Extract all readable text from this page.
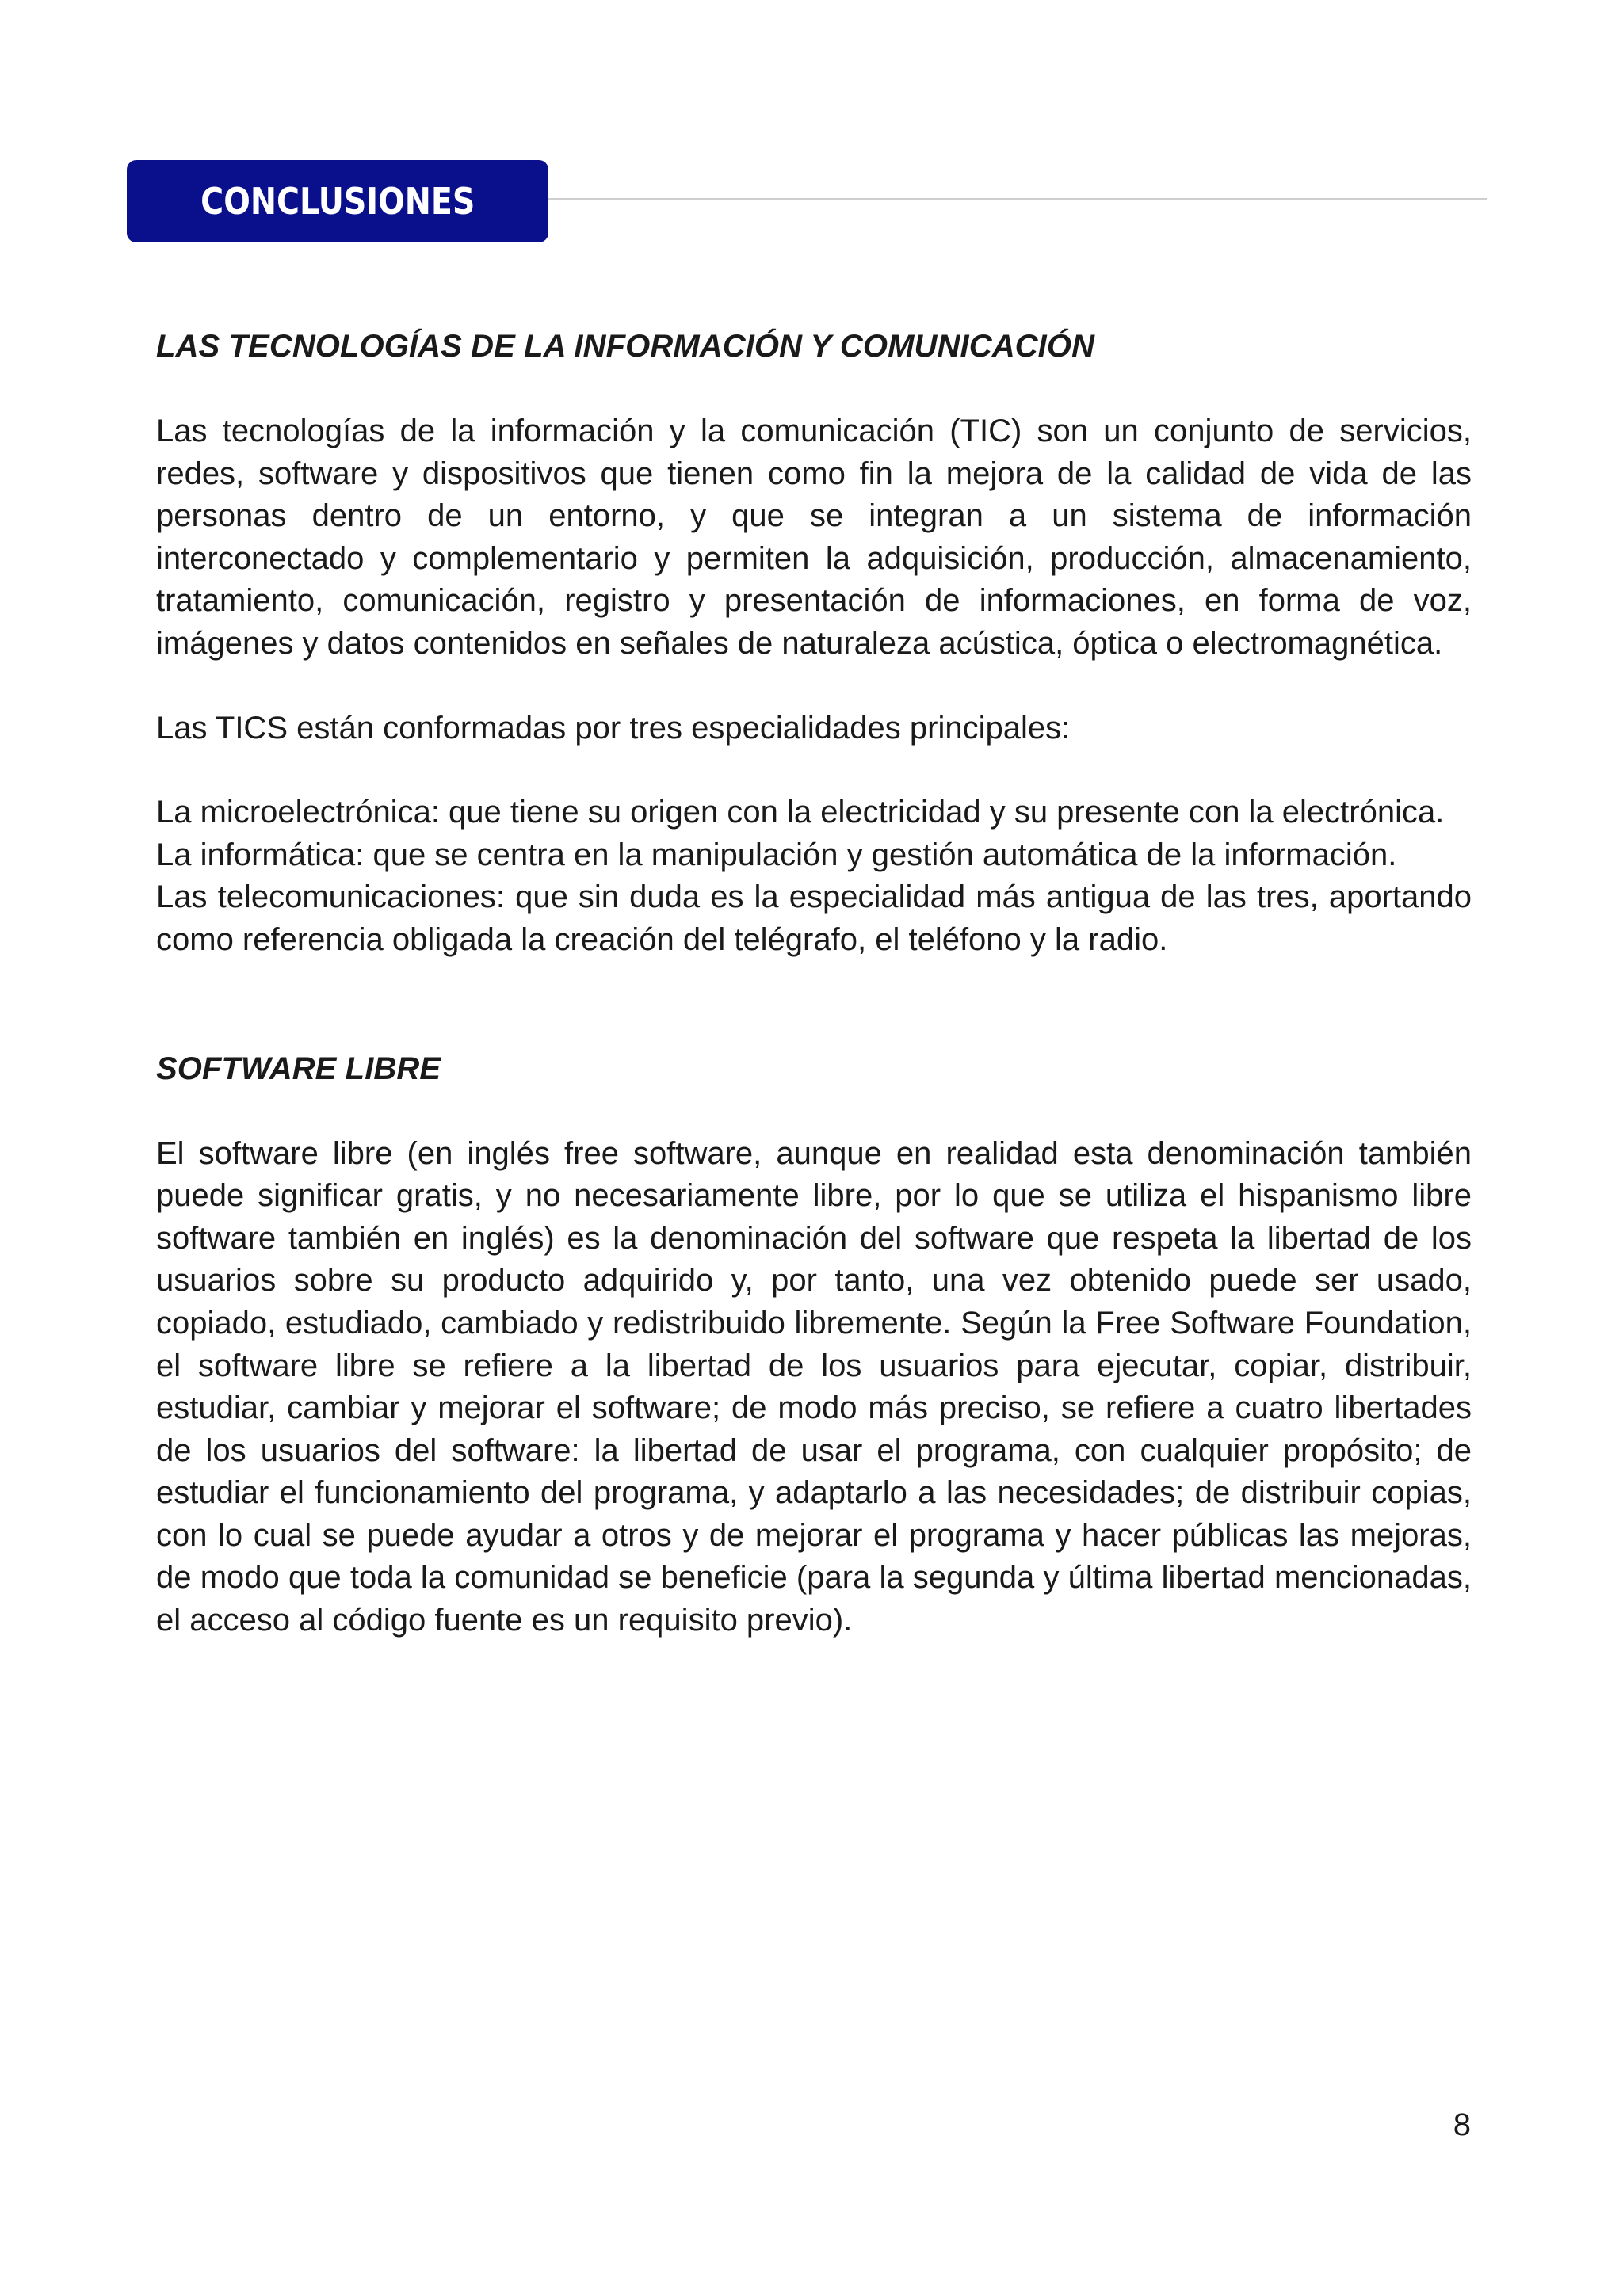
CONCLUSIONES
LAS TECNOLOGÍAS DE LA INFORMACIÓN Y COMUNICACIÓN

Las tecnologías de la información y la comunicación (TIC) son un conjunto de servicios, redes, software y dispositivos que tienen como fin la mejora de la calidad de vida de las personas dentro de un entorno, y que se integran a un sistema de información interconectado y complementario y permiten la adquisición, producción, almacenamiento, tratamiento, comunicación, registro y presentación de informaciones, en forma de voz, imágenes y datos contenidos en señales de naturaleza acústica, óptica o electromagnética.

Las TICS están conformadas por tres especialidades principales:

La microelectrónica: que tiene su origen con la electricidad y su presente con la electrónica.

La informática: que se centra en la manipulación y gestión automática de la información.

Las telecomunicaciones: que sin duda es la especialidad más antigua de las tres, aportando como referencia obligada la creación del telégrafo, el teléfono y la radio.

SOFTWARE LIBRE

El software libre (en inglés free software, aunque en realidad esta denominación también puede significar gratis, y no necesariamente libre, por lo que se utiliza el hispanismo libre software también en inglés) es la denominación del software que respeta la libertad de los usuarios sobre su producto adquirido y, por tanto, una vez obtenido puede ser usado, copiado, estudiado, cambiado y redistribuido libremente. Según la Free Software Foundation, el software libre se refiere a la libertad de los usuarios para ejecutar, copiar, distribuir, estudiar, cambiar y mejorar el software; de modo más preciso, se refiere a cuatro libertades de los usuarios del software: la libertad de usar el programa, con cualquier propósito; de estudiar el funcionamiento del programa, y adaptarlo a las necesidades; de distribuir copias, con lo cual se puede ayudar a otros y de mejorar el programa y hacer públicas las mejoras, de modo que toda la comunidad se beneficie (para la segunda y última libertad mencionadas, el acceso al código fuente es un requisito previo).

8
